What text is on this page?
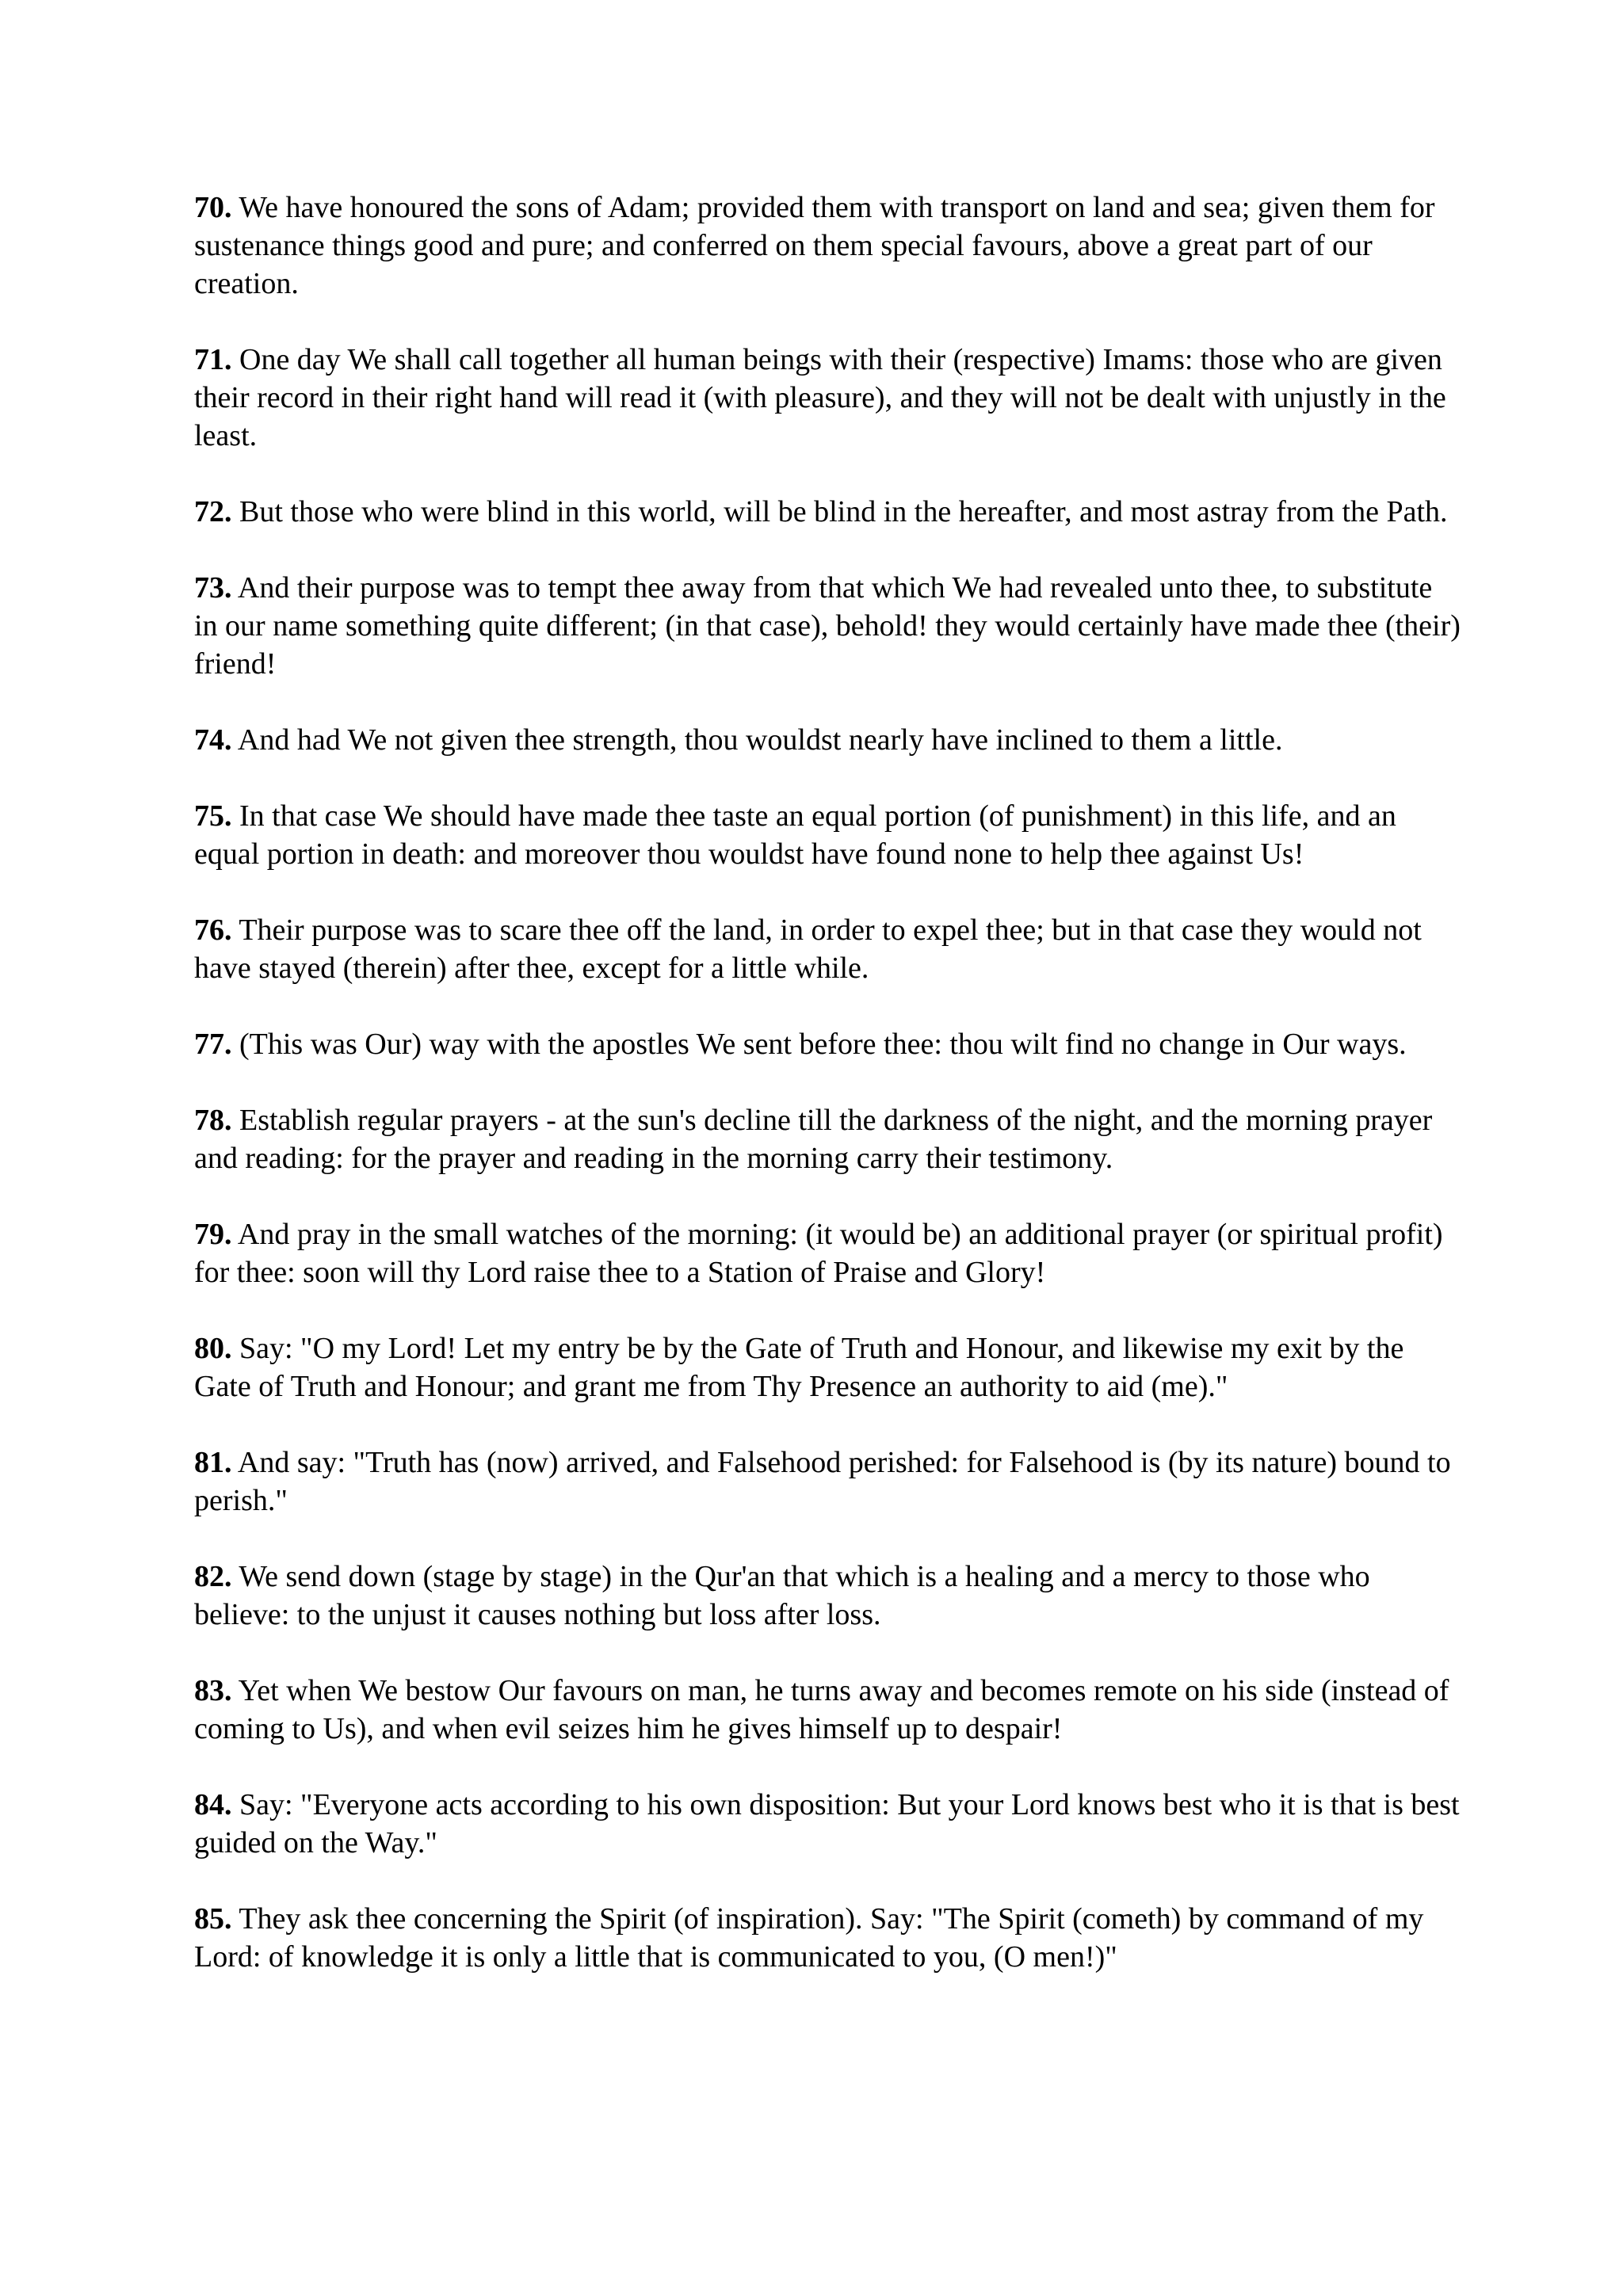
70. We have honoured the sons of Adam; provided them with transport on land and sea; given them for sustenance things good and pure; and conferred on them special favours, above a great part of our creation.
71. One day We shall call together all human beings with their (respective) Imams: those who are given their record in their right hand will read it (with pleasure), and they will not be dealt with unjustly in the least.
72. But those who were blind in this world, will be blind in the hereafter, and most astray from the Path.
73. And their purpose was to tempt thee away from that which We had revealed unto thee, to substitute in our name something quite different; (in that case), behold! they would certainly have made thee (their) friend!
74. And had We not given thee strength, thou wouldst nearly have inclined to them a little.
75. In that case We should have made thee taste an equal portion (of punishment) in this life, and an equal portion in death: and moreover thou wouldst have found none to help thee against Us!
76. Their purpose was to scare thee off the land, in order to expel thee; but in that case they would not have stayed (therein) after thee, except for a little while.
77. (This was Our) way with the apostles We sent before thee: thou wilt find no change in Our ways.
78. Establish regular prayers - at the sun's decline till the darkness of the night, and the morning prayer and reading: for the prayer and reading in the morning carry their testimony.
79. And pray in the small watches of the morning: (it would be) an additional prayer (or spiritual profit) for thee: soon will thy Lord raise thee to a Station of Praise and Glory!
80. Say: "O my Lord! Let my entry be by the Gate of Truth and Honour, and likewise my exit by the Gate of Truth and Honour; and grant me from Thy Presence an authority to aid (me)."
81. And say: "Truth has (now) arrived, and Falsehood perished: for Falsehood is (by its nature) bound to perish."
82. We send down (stage by stage) in the Qur'an that which is a healing and a mercy to those who believe: to the unjust it causes nothing but loss after loss.
83. Yet when We bestow Our favours on man, he turns away and becomes remote on his side (instead of coming to Us), and when evil seizes him he gives himself up to despair!
84. Say: "Everyone acts according to his own disposition: But your Lord knows best who it is that is best guided on the Way."
85. They ask thee concerning the Spirit (of inspiration). Say: "The Spirit (cometh) by command of my Lord: of knowledge it is only a little that is communicated to you, (O men!)"
